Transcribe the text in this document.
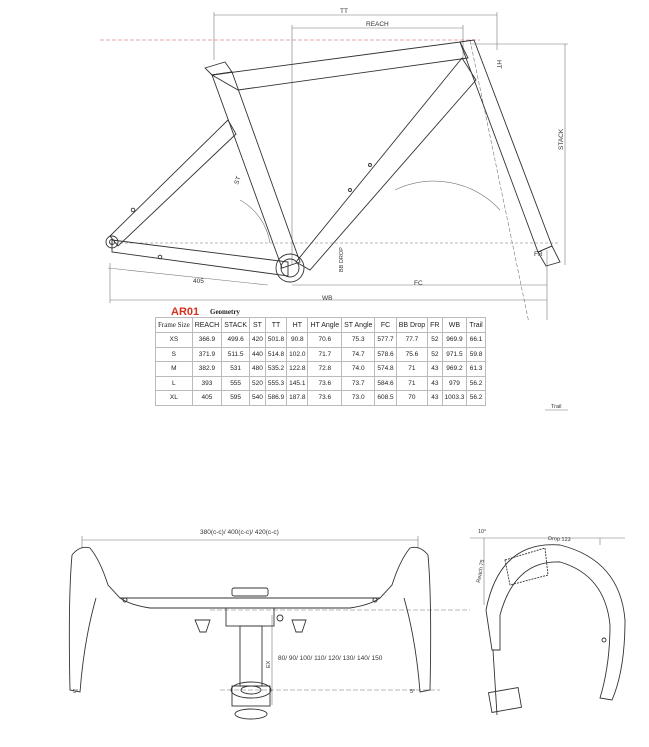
TT
REACH
HT
STACK
ST
FR
FC
WB
BB DROP
405
AR01 Geometry
Frame Size	REACH	STACK	ST	TT	HT	HT Angle	ST Angle	FC	BB Drop	FR	WB	Trail
XS	366.9	499.6	420	501.8	90.8	70.6	75.3	577.7	77.7	52	969.9	66.1
S	371.9	511.5	440	514.8	102.0	71.7	74.7	578.6	75.6	52	971.5	59.8
M	382.9	531	480	535.2	122.8	72.8	74.0	574.8	71	43	969.2	61.3
L	393	555	520	555.3	145.1	73.6	73.7	584.6	71	43	979	56.2
XL	405	595	540	586.9	187.8	73.6	73.0	608.5	70	43	1003.3	56.2
Trail
380(c-c)/ 400(c-c)/ 420(c-c)
EX
80/ 90/ 100/ 110/ 120/ 130/ 140/ 150
Drop 123
Reach 75
10°
5°	5°
